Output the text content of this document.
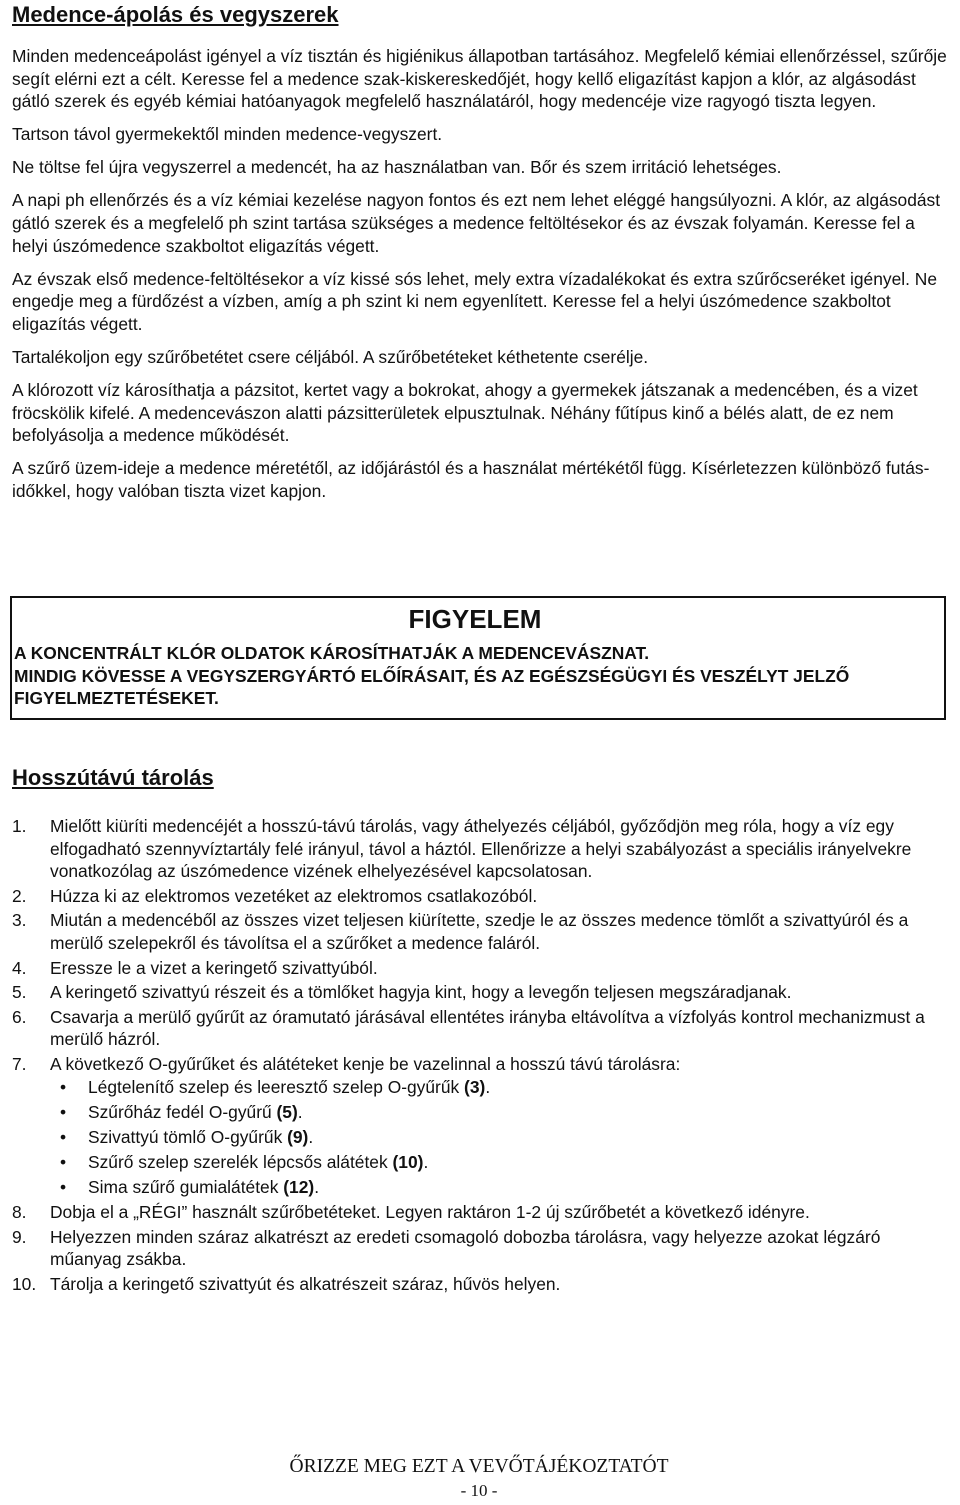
Medence-ápolás és vegyszerek

Minden medenceápolást igényel a víz tisztán és higiénikus állapotban tartásához. Megfelelő kémiai ellenőrzéssel, szűrője segít elérni ezt a célt. Keresse fel a medence szak-kiskereskedőjét, hogy kellő eligazítást kapjon a klór, az algásodást gátló szerek és egyéb kémiai hatóanyagok megfelelő használatáról, hogy medencéje vize ragyogó tiszta legyen.

Tartson távol gyermekektől minden medence-vegyszert.

Ne töltse fel újra vegyszerrel a medencét, ha az használatban van. Bőr és szem irritáció lehetséges.

A napi ph ellenőrzés és a víz kémiai kezelése nagyon fontos és ezt nem lehet eléggé hangsúlyozni. A klór, az algásodást gátló szerek és a megfelelő ph szint tartása szükséges a medence feltöltésekor és az évszak folyamán. Keresse fel a helyi úszómedence szakboltot eligazítás végett.

Az évszak első medence-feltöltésekor a víz kissé sós lehet, mely extra vízadalékokat és extra szűrőcseréket igényel. Ne engedje meg a fürdőzést a vízben, amíg a ph szint ki nem egyenlített. Keresse fel a helyi úszómedence szakboltot eligazítás végett.

Tartalékoljon egy szűrőbetétet csere céljából. A szűrőbetéteket kéthetente cserélje.

A klórozott víz károsíthatja a pázsitot, kertet vagy a bokrokat, ahogy a gyermekek játszanak a medencében, és a vizet fröcskölik kifelé. A medencevászon alatti pázsitterületek elpusztulnak. Néhány fűtípus kinő a bélés alatt, de ez nem befolyásolja a medence működését.

A szűrő üzem-ideje a medence méretétől, az időjárástól és a használat mértékétől függ. Kísérletezzen különböző futás-időkkel, hogy valóban tiszta vizet kapjon.

FIGYELEM

A KONCENTRÁLT KLÓR OLDATOK KÁROSÍTHATJÁK A MEDENCEVÁSZNAT.

MINDIG KÖVESSE A VEGYSZERGYÁRTÓ ELŐÍRÁSAIT, ÉS AZ EGÉSZSÉGÜGYI ÉS VESZÉLYT JELZŐ FIGYELMEZTETÉSEKET.

Hosszútávú tárolás
1.	Mielőtt kiüríti medencéjét a hosszú-távú tárolás, vagy áthelyezés céljából, győződjön meg róla, hogy a víz egy elfogadható szennyvíztartály felé irányul, távol a háztól. Ellenőrizze a helyi szabályozást a speciális irányelvekre vonatkozólag az úszómedence vizének elhelyezésével kapcsolatosan.
2.	Húzza ki az elektromos vezetéket az elektromos csatlakozóból.
3.	Miután a medencéből az összes vizet teljesen kiürítette, szedje le az összes medence tömlőt a szivattyúról és a merülő szelepekről és távolítsa el a szűrőket a medence faláról.
4.	Eressze le a vizet a keringető szivattyúból.
5.	A keringető szivattyú részeit és a tömlőket hagyja kint, hogy a levegőn teljesen megszáradjanak.
6.	Csavarja a merülő gyűrűt az óramutató járásával ellentétes irányba eltávolítva a vízfolyás kontrol mechanizmust a merülő házról.
7.	A következő O-gyűrűket és alátéteket kenje be vazelinnal a hosszú távú tárolásra:
•	Légtelenítő szelep és leeresztő szelep O-gyűrűk (3).
•	Szűrőház fedél O-gyűrű (5).
•	Szivattyú tömlő O-gyűrűk (9).
•	Szűrő szelep szerelék lépcsős alátétek (10).
•	Sima szűrő gumialátétek (12).
8.	Dobja el a „RÉGI” használt szűrőbetéteket. Legyen raktáron 1-2 új szűrőbetét a következő idényre.
9.	Helyezzen minden száraz alkatrészt az eredeti csomagoló dobozba tárolásra, vagy helyezze azokat légzáró műanyag zsákba.
10. Tárolja a keringető szivattyút és alkatrészeit száraz, hűvös helyen.
ŐRIZZE MEG EZT A VEVŐTÁJÉKOZTATÓT
- 10 -
